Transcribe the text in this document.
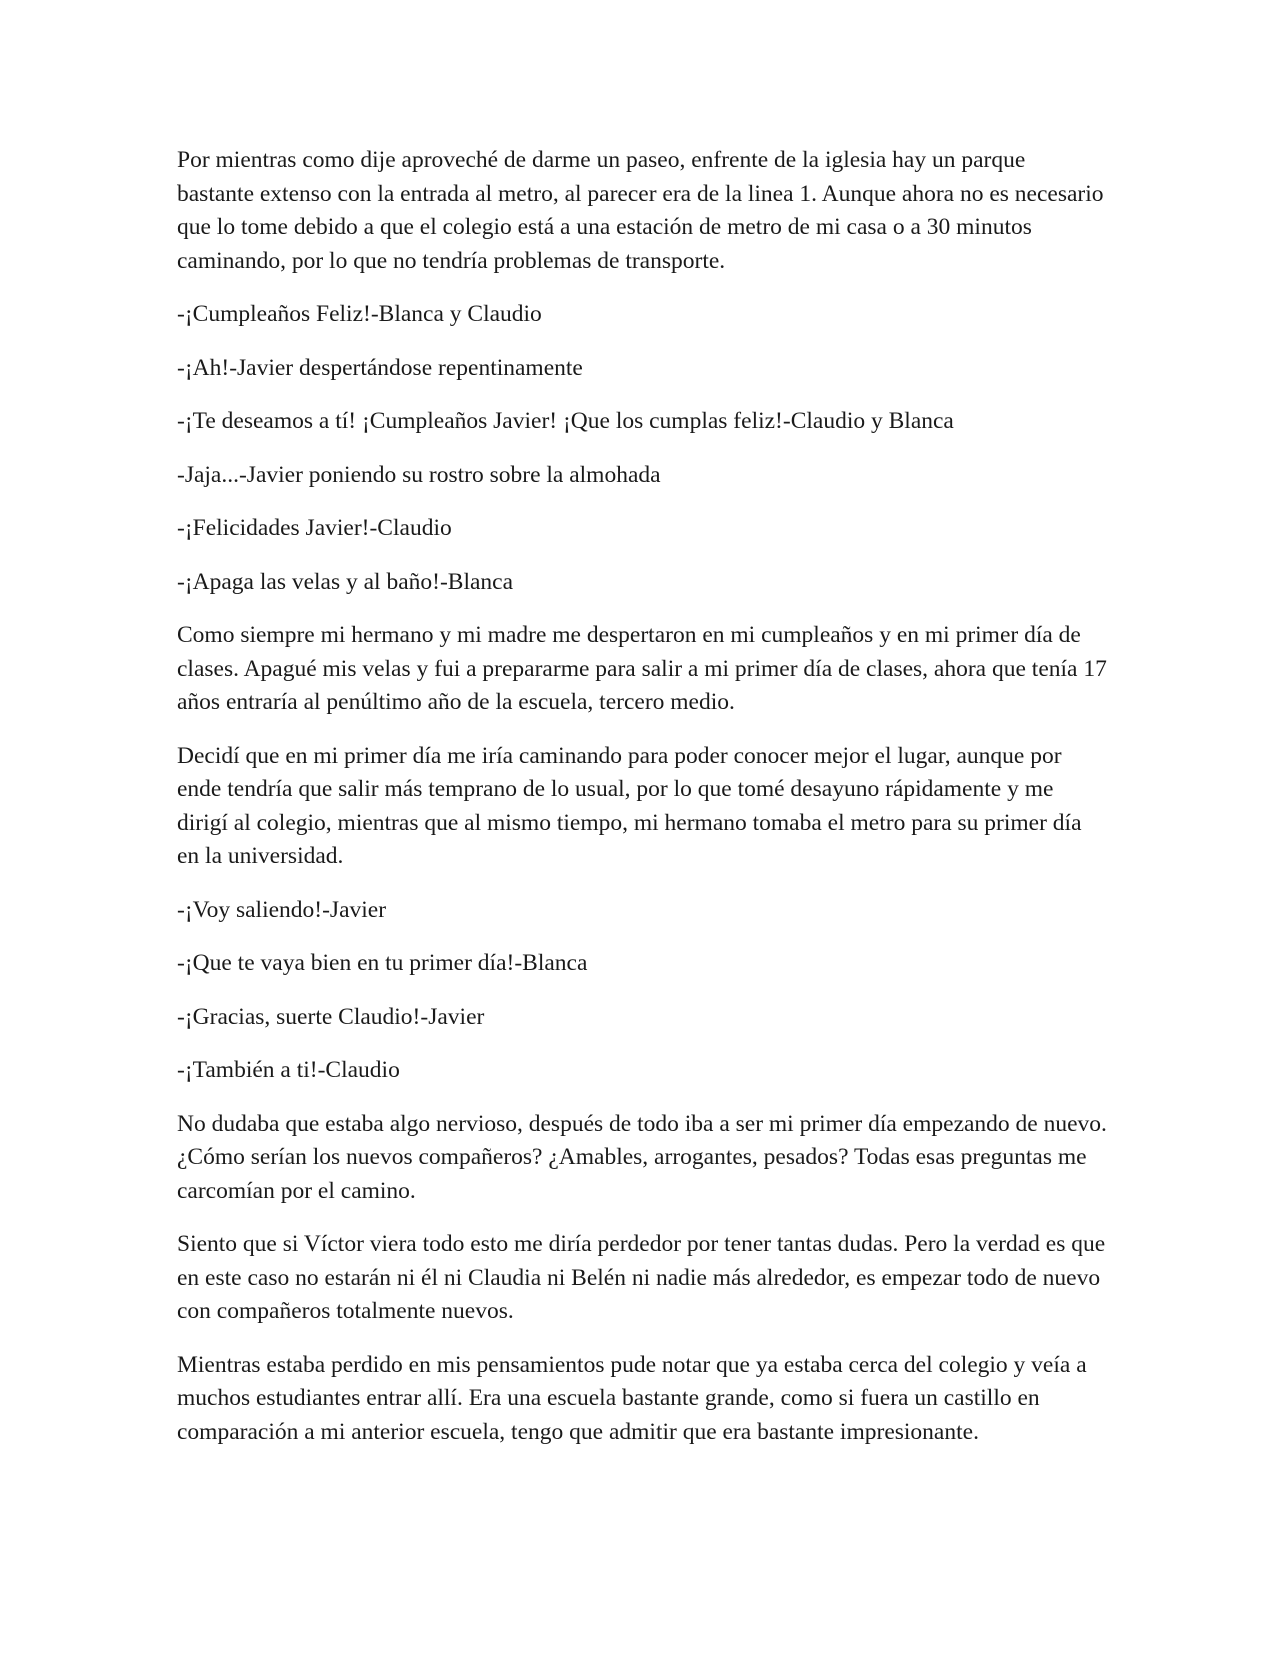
Por mientras como dije aproveché de darme un paseo, enfrente de la iglesia hay un parque bastante extenso con la entrada al metro, al parecer era de la linea 1. Aunque ahora no es necesario que lo tome debido a que el colegio está a una estación de metro de mi casa o a 30 minutos caminando, por lo que no tendría problemas de transporte.

-¡Cumpleaños Feliz!-Blanca y Claudio

-¡Ah!-Javier despertándose repentinamente

-¡Te deseamos a tí! ¡Cumpleaños Javier! ¡Que los cumplas feliz!-Claudio y Blanca

-Jaja...-Javier poniendo su rostro sobre la almohada

-¡Felicidades Javier!-Claudio

-¡Apaga las velas y al baño!-Blanca

Como siempre mi hermano y mi madre me despertaron en mi cumpleaños y en mi primer día de clases. Apagué mis velas y fui a prepararme para salir a mi primer día de clases, ahora que tenía 17 años entraría al penúltimo año de la escuela, tercero medio.

Decidí que en mi primer día me iría caminando para poder conocer mejor el lugar, aunque por ende tendría que salir más temprano de lo usual, por lo que tomé desayuno rápidamente y me dirigí al colegio, mientras que al mismo tiempo, mi hermano tomaba el metro para su primer día en la universidad.

-¡Voy saliendo!-Javier

-¡Que te vaya bien en tu primer día!-Blanca

-¡Gracias, suerte Claudio!-Javier

-¡También a ti!-Claudio

No dudaba que estaba algo nervioso, después de todo iba a ser mi primer día empezando de nuevo. ¿Cómo serían los nuevos compañeros? ¿Amables, arrogantes, pesados? Todas esas preguntas me carcomían por el camino.

Siento que si Víctor viera todo esto me diría perdedor por tener tantas dudas. Pero la verdad es que en este caso no estarán ni él ni Claudia ni Belén ni nadie más alrededor, es empezar todo de nuevo con compañeros totalmente nuevos.

Mientras estaba perdido en mis pensamientos pude notar que ya estaba cerca del colegio y veía a muchos estudiantes entrar allí. Era una escuela bastante grande, como si fuera un castillo en comparación a mi anterior escuela, tengo que admitir que era bastante impresionante.
